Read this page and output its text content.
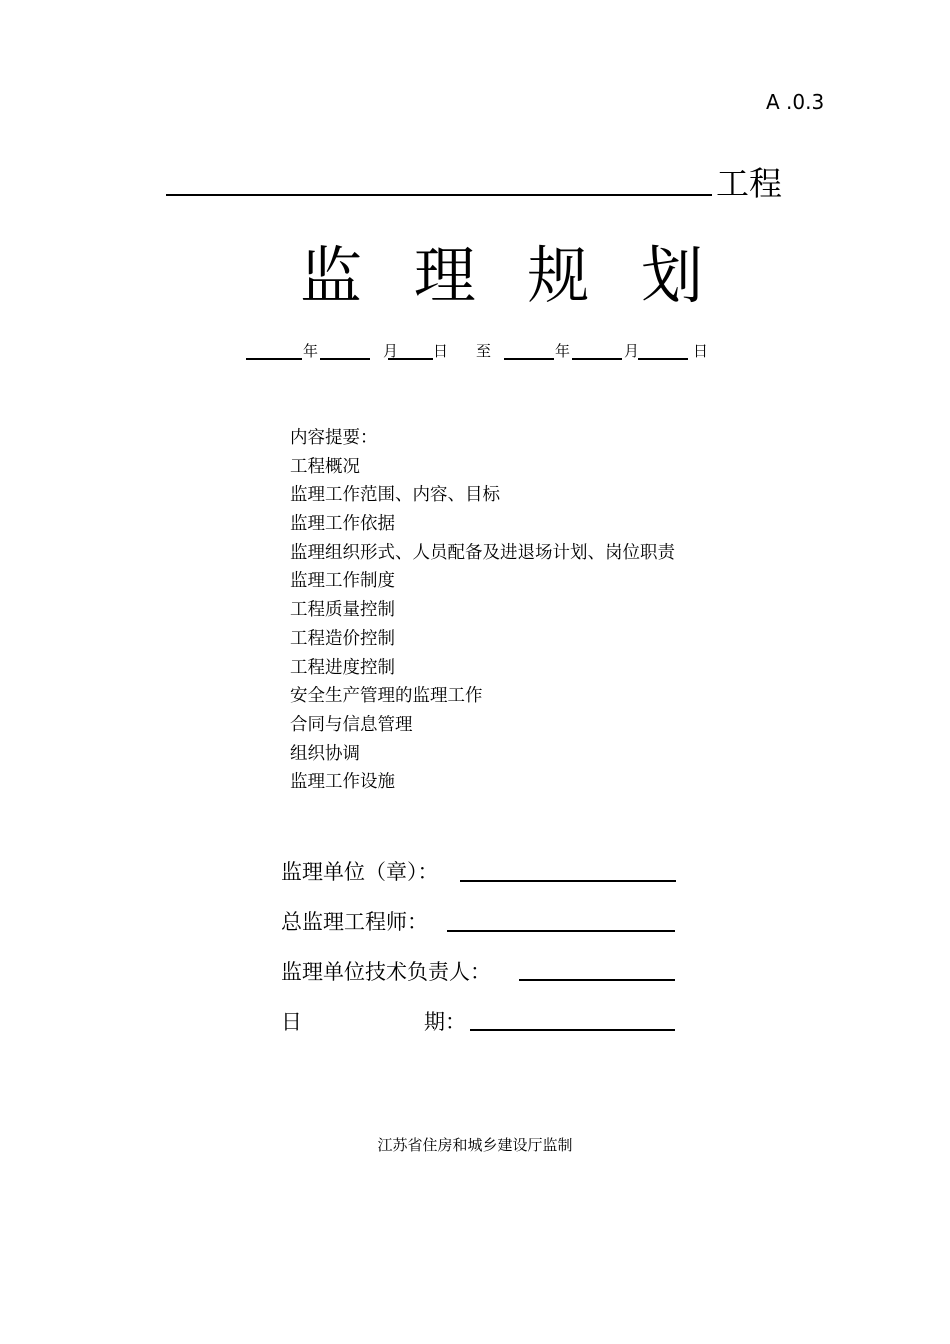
A .0.3
工程
监 理 规 划
年	月 日 至	年	月	日
内容提要：
工程概况
监理工作范围、内容、目标
监理工作依据
监理组织形式、人员配备及进退场计划、岗位职责
监理工作制度
工程质量控制
工程造价控制
工程进度控制
安全生产管理的监理工作
合同与信息管理
组织协调
监理工作设施
监理单位（章）：
总监理工程师：
监理单位技术负责人：
日	期：
江苏省住房和城乡建设厅监制
